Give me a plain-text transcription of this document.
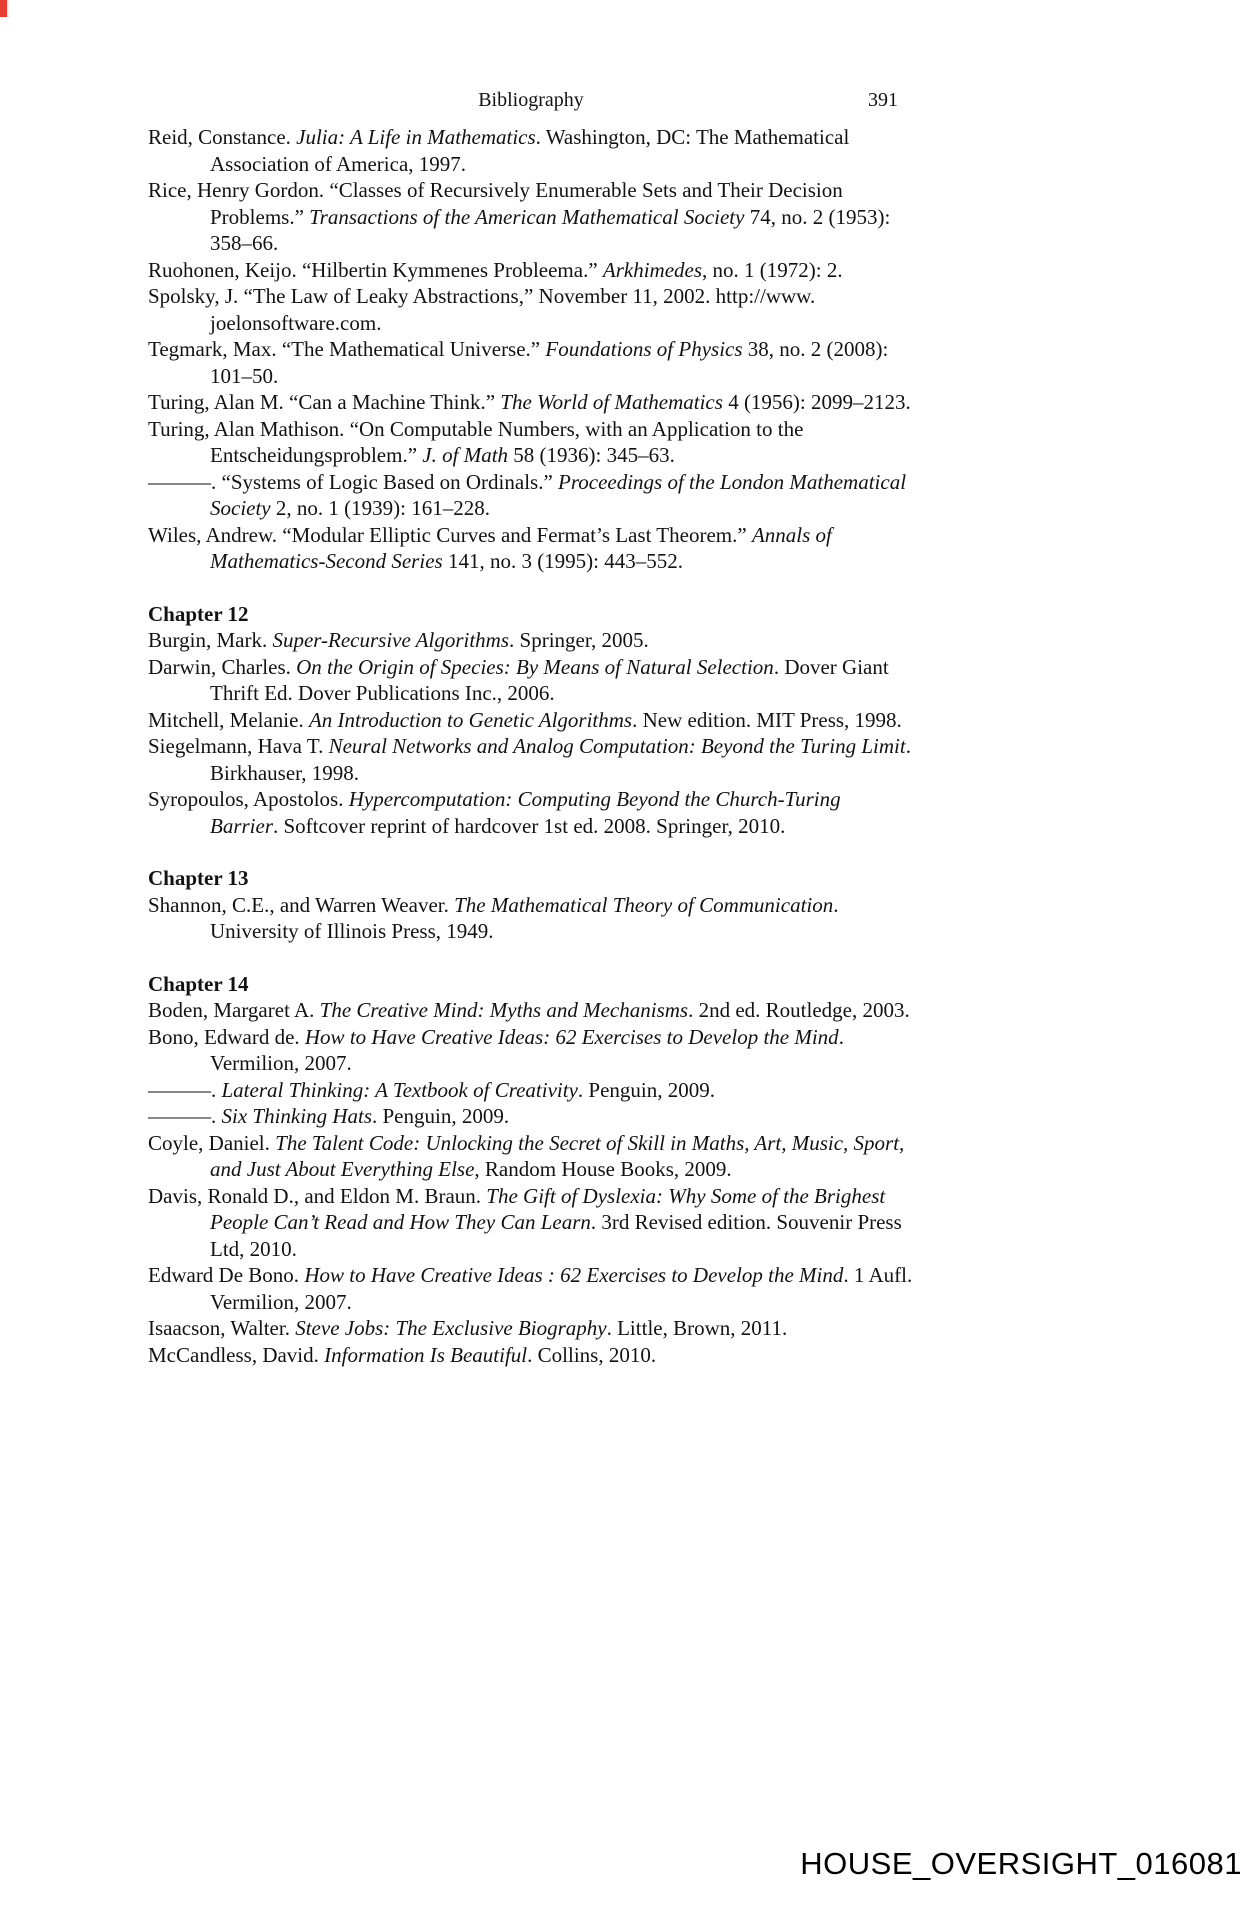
Bibliography	391

Reid, Constance. Julia: A Life in Mathematics. Washington, DC: The Mathematical Association of America, 1997.

Rice, Henry Gordon. “Classes of Recursively Enumerable Sets and Their Decision Problems.” Transactions of the American Mathematical Society 74, no. 2 (1953): 358–66.

Ruohonen, Keijo. “Hilbertin Kymmenes Probleema.” Arkhimedes, no. 1 (1972): 2.

Spolsky, J. “The Law of Leaky Abstractions,” November 11, 2002. http://www.
joelonsoftware.com.

Tegmark, Max. “The Mathematical Universe.” Foundations of Physics 38, no. 2 (2008): 101–50.

Turing, Alan M. “Can a Machine Think.” The World of Mathematics 4 (1956): 2099–2123.

Turing, Alan Mathison. “On Computable Numbers, with an Application to the Entscheidungsproblem.” J. of Math 58 (1936): 345–63.

———. “Systems of Logic Based on Ordinals.” Proceedings of the London Mathematical Society 2, no. 1 (1939): 161–228.

Wiles, Andrew. “Modular Elliptic Curves and Fermat’s Last Theorem.” Annals of Mathematics-Second Series 141, no. 3 (1995): 443–552.

Chapter 12

Burgin, Mark. Super-Recursive Algorithms. Springer, 2005.

Darwin, Charles. On the Origin of Species: By Means of Natural Selection. Dover Giant Thrift Ed. Dover Publications Inc., 2006.

Mitchell, Melanie. An Introduction to Genetic Algorithms. New edition. MIT Press, 1998.

Siegelmann, Hava T. Neural Networks and Analog Computation: Beyond the Turing Limit. Birkhauser, 1998.

Syropoulos, Apostolos. Hypercomputation: Computing Beyond the Church-Turing Barrier. Softcover reprint of hardcover 1st ed. 2008. Springer, 2010.

Chapter 13

Shannon, C.E., and Warren Weaver. The Mathematical Theory of Communication. University of Illinois Press, 1949.

Chapter 14

Boden, Margaret A. The Creative Mind: Myths and Mechanisms. 2nd ed. Routledge, 2003.

Bono, Edward de. How to Have Creative Ideas: 62 Exercises to Develop the Mind. Vermilion, 2007.

———. Lateral Thinking: A Textbook of Creativity. Penguin, 2009.

———. Six Thinking Hats. Penguin, 2009.

Coyle, Daniel. The Talent Code: Unlocking the Secret of Skill in Maths, Art, Music, Sport, and Just About Everything Else, Random House Books, 2009.

Davis, Ronald D., and Eldon M. Braun. The Gift of Dyslexia: Why Some of the Brighest People Can’t Read and How They Can Learn. 3rd Revised edition. Souvenir Press Ltd, 2010.

Edward De Bono. How to Have Creative Ideas : 62 Exercises to Develop the Mind. 1 Aufl. Vermilion, 2007.

Isaacson, Walter. Steve Jobs: The Exclusive Biography. Little, Brown, 2011.

McCandless, David. Information Is Beautiful. Collins, 2010.

HOUSE_OVERSIGHT_016081
